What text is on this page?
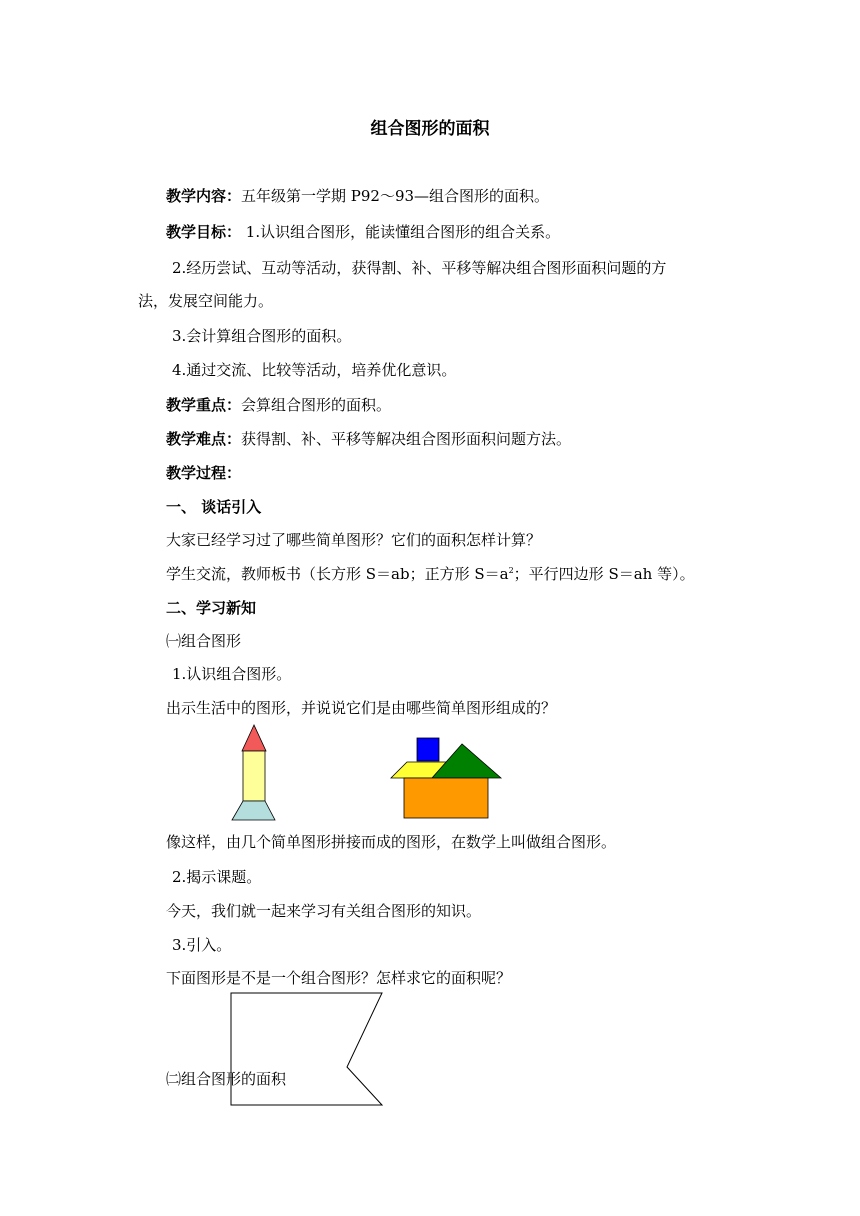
组合图形的面积
教学内容：五年级第一学期 P92～93—组合图形的面积。
教学目标： 1.认识组合图形，能读懂组合图形的组合关系。
2.经历尝试、互动等活动，获得割、补、平移等解决组合图形面积问题的方
法，发展空间能力。
3.会计算组合图形的面积。
4.通过交流、比较等活动，培养优化意识。
教学重点：会算组合图形的面积。
教学难点：获得割、补、平移等解决组合图形面积问题方法。
教学过程：
一、 谈话引入
大家已经学习过了哪些简单图形？它们的面积怎样计算？
学生交流，教师板书（长方形 S＝ab；正方形 $S=a^2$；平行四边形 S＝ah 等）。
二、学习新知
㈠组合图形
1.认识组合图形。
出示生活中的图形，并说说它们是由哪些简单图形组成的？
像这样，由几个简单图形拼接而成的图形，在数学上叫做组合图形。
2.揭示课题。
今天，我们就一起来学习有关组合图形的知识。
3.引入。
下面图形是不是一个组合图形？怎样求它的面积呢？
㈡组合图形的面积
